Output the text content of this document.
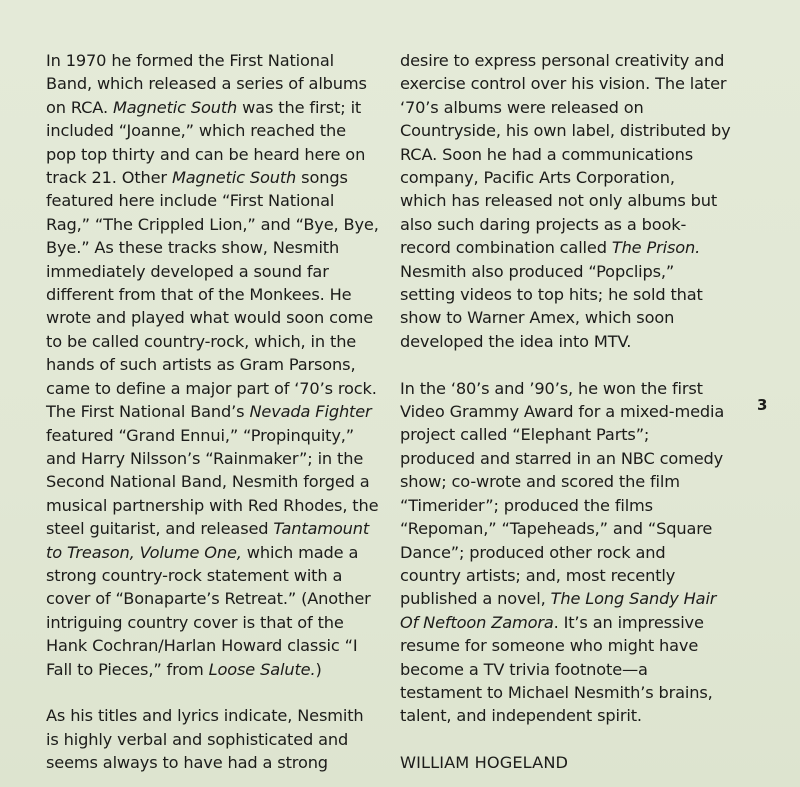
In 1970 he formed the First National
Band, which released a series of albums
on RCA. Magnetic South was the first; it
included “Joanne,” which reached the
pop top thirty and can be heard here on
track 21. Other Magnetic South songs
featured here include “First National
Rag,” “The Crippled Lion,” and “Bye, Bye,
Bye.” As these tracks show, Nesmith
immediately developed a sound far
different from that of the Monkees. He
wrote and played what would soon come
to be called country-rock, which, in the
hands of such artists as Gram Parsons,
came to define a major part of ‘70’s rock.
The First National Band’s Nevada Fighter
featured “Grand Ennui,” “Propinquity,”
and Harry Nilsson’s “Rainmaker”; in the
Second National Band, Nesmith forged a
musical partnership with Red Rhodes, the
steel guitarist, and released Tantamount
to Treason, Volume One, which made a
strong country-rock statement with a
cover of “Bonaparte’s Retreat.” (Another
intriguing country cover is that of the
Hank Cochran/Harlan Howard classic “I
Fall to Pieces,” from Loose Salute.)

As his titles and lyrics indicate, Nesmith
is highly verbal and sophisticated and
seems always to have had a strong

desire to express personal creativity and
exercise control over his vision. The later
‘70’s albums were released on
Countryside, his own label, distributed by
RCA. Soon he had a communications
company, Pacific Arts Corporation,
which has released not only albums but
also such daring projects as a book-
record combination called The Prison.
Nesmith also produced “Popclips,”
setting videos to top hits; he sold that
show to Warner Amex, which soon
developed the idea into MTV.

In the ‘80’s and ’90’s, he won the first
Video Grammy Award for a mixed-media
project called “Elephant Parts”;
produced and starred in an NBC comedy
show; co-wrote and scored the film
“Timerider”; produced the films
“Repoman,” “Tapeheads,” and “Square
Dance”; produced other rock and
country artists; and, most recently
published a novel, The Long Sandy Hair
Of Neftoon Zamora. It’s an impressive
resume for someone who might have
become a TV trivia footnote—a
testament to Michael Nesmith’s brains,
talent, and independent spirit.

WILLIAM HOGELAND

3
